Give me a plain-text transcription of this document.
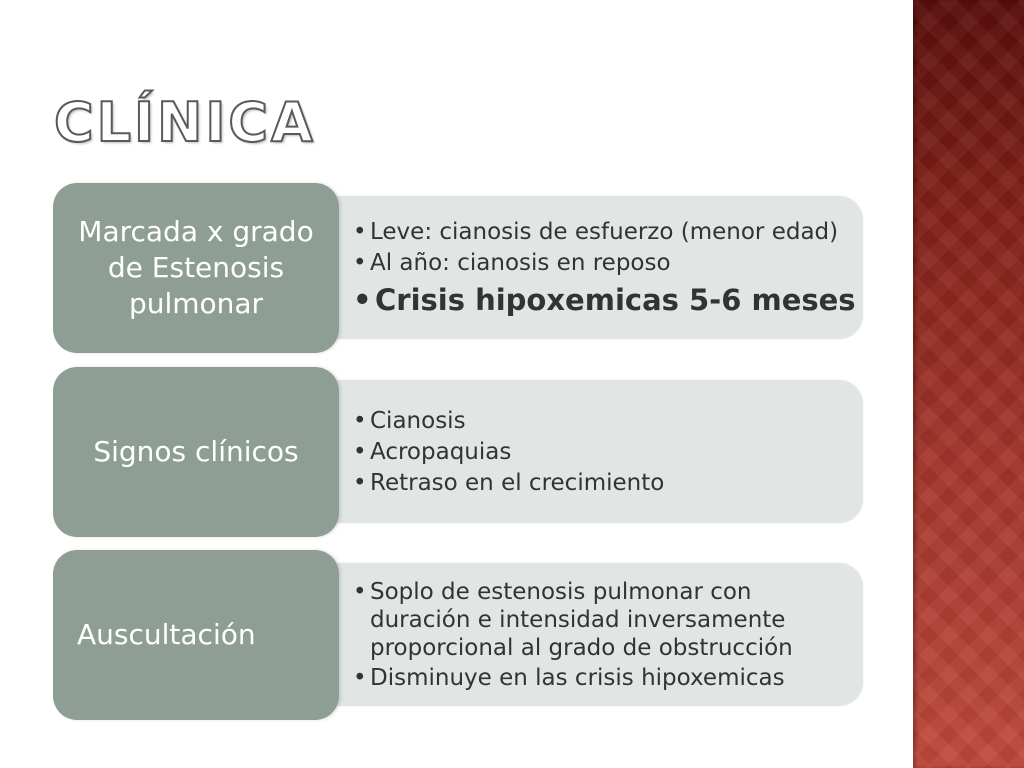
CLÍNICA
Marcada x grado de Estenosis pulmonar
• Leve: cianosis de esfuerzo (menor edad)
• Al año: cianosis en reposo
• Crisis hipoxemicas 5-6 meses
Signos clínicos
• Cianosis
• Acropaquias
• Retraso en el crecimiento
Auscultación
• Soplo de estenosis pulmonar con duración e intensidad inversamente proporcional al grado de obstrucción
• Disminuye en las crisis hipoxemicas
